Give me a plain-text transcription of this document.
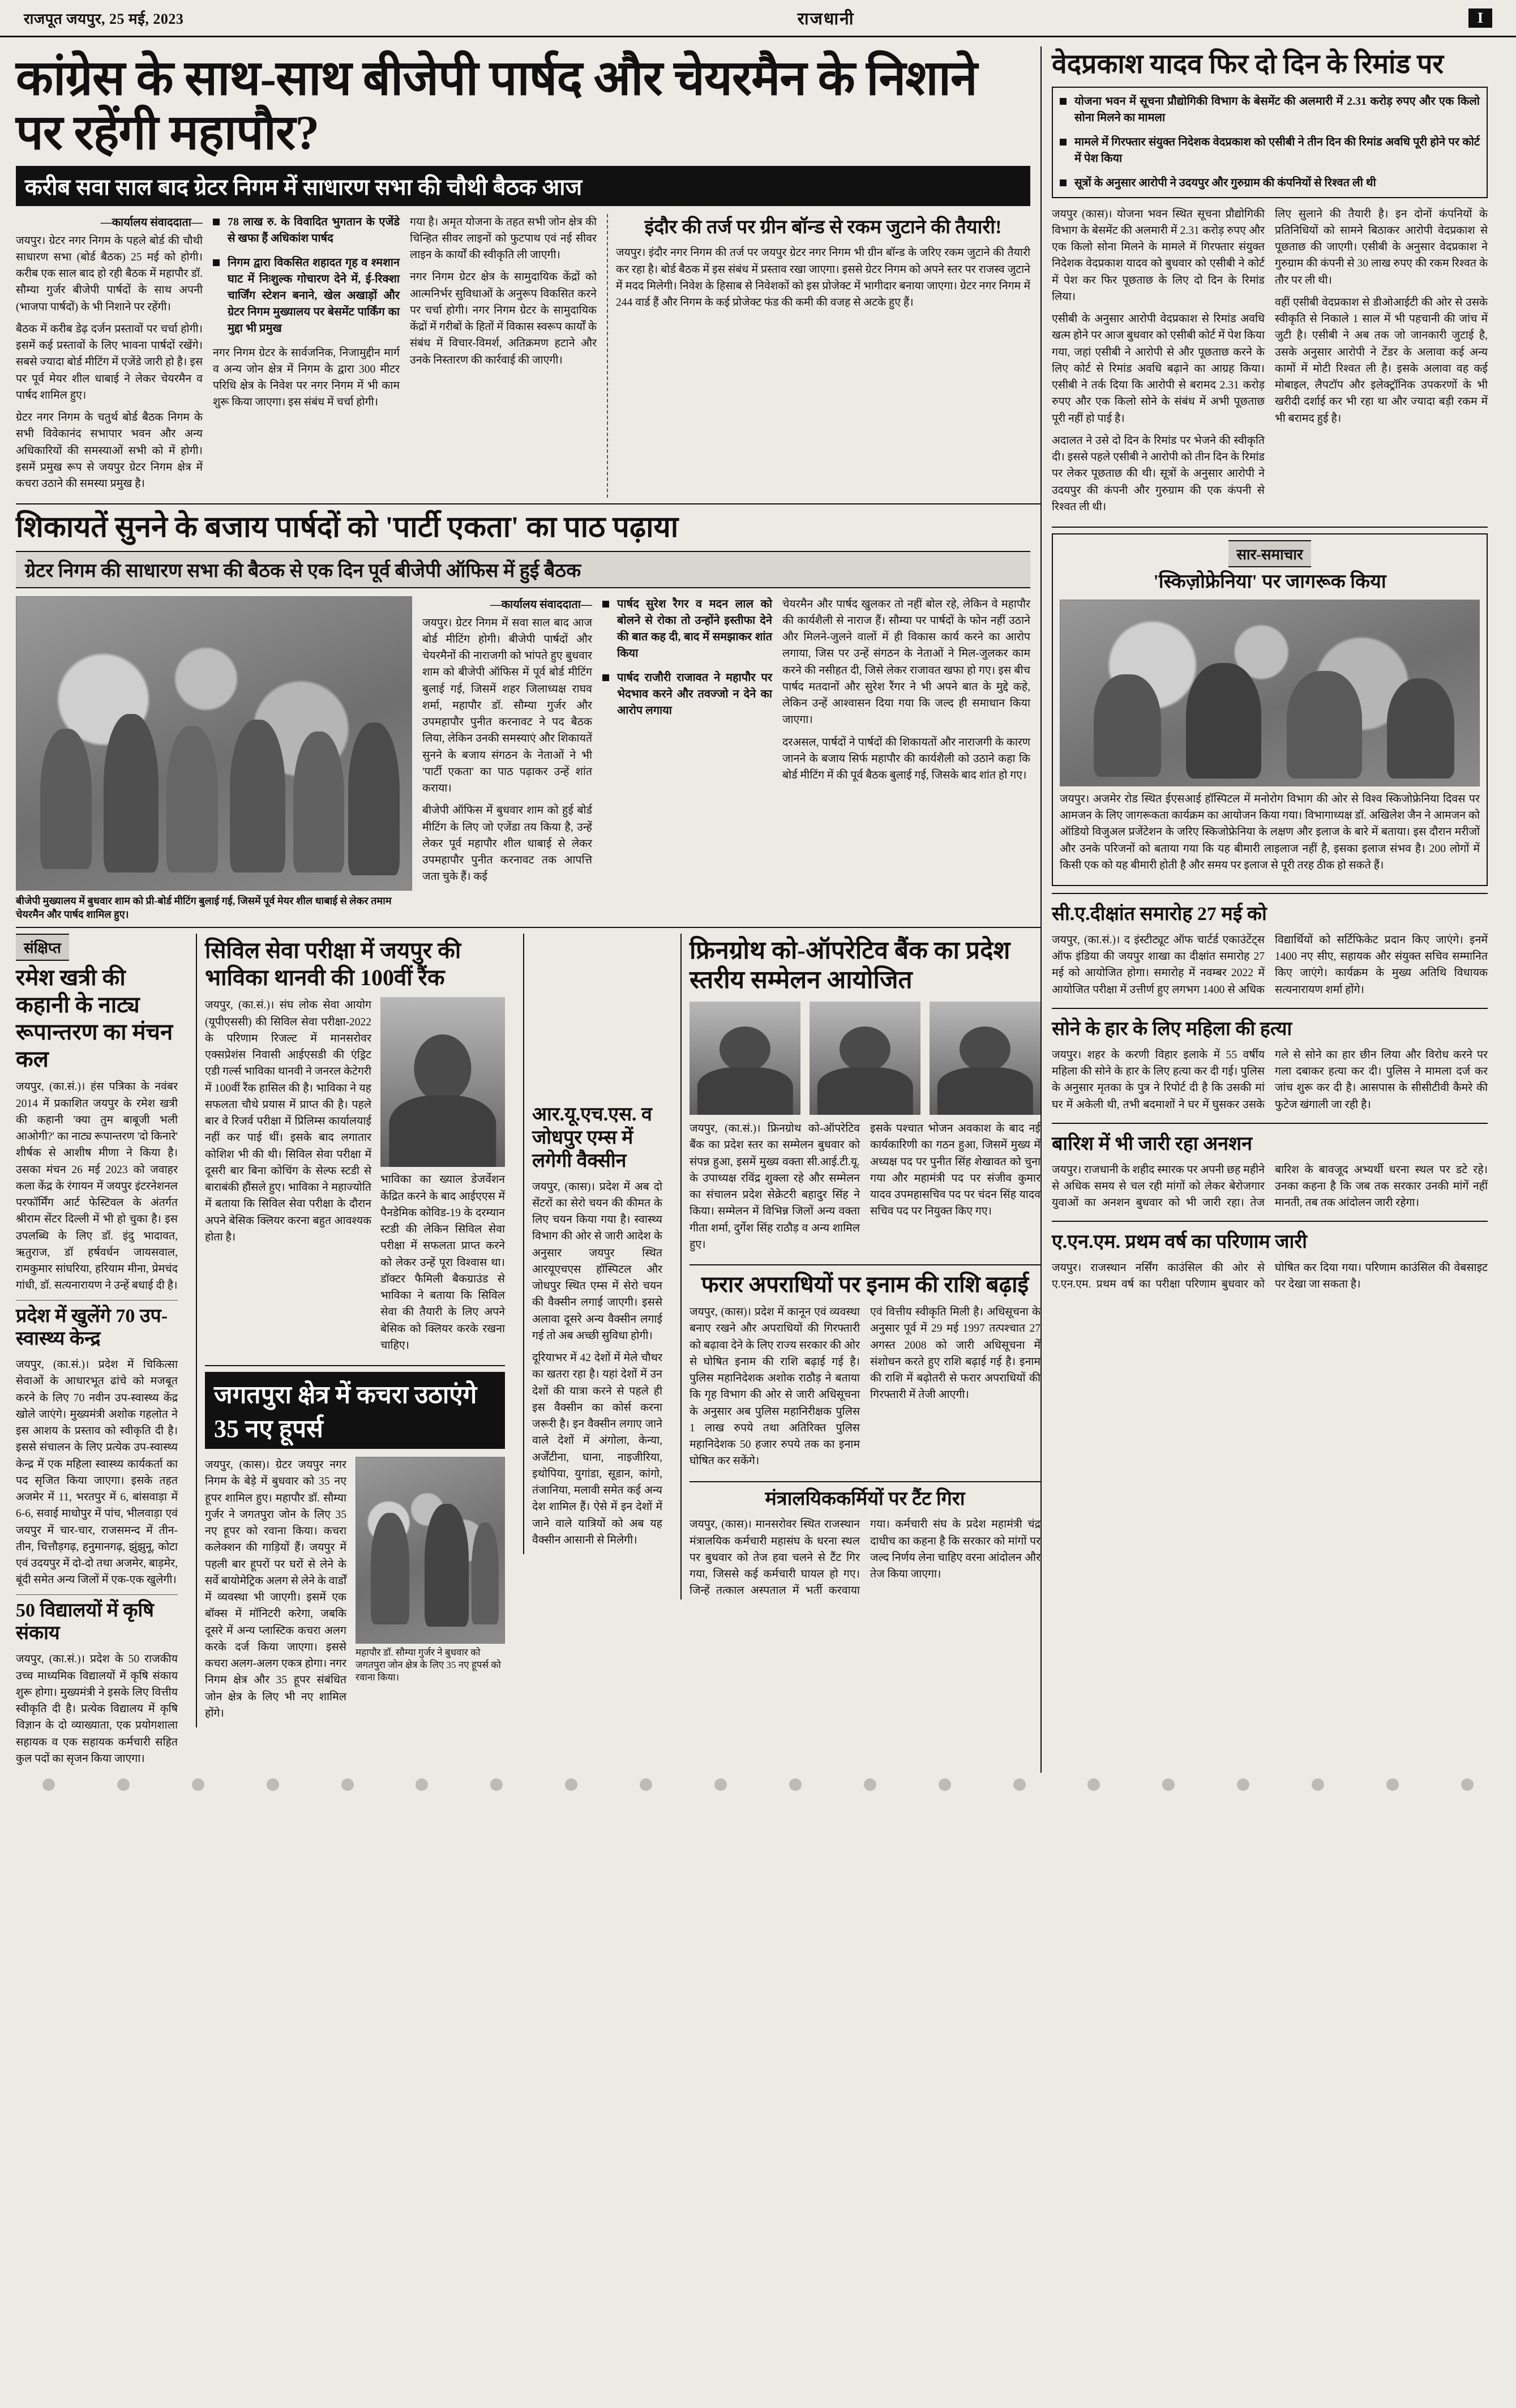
राजपूत जयपुर, 25 मई, 2023	राजधानी	I
कांग्रेस के साथ-साथ बीजेपी पार्षद और चेयरमैन के निशाने पर रहेंगी महापौर?
करीब सवा साल बाद ग्रेटर निगम में साधारण सभा की चौथी बैठक आज
—कार्यालय संवाददाता—

जयपुर। ग्रेटर नगर निगम के पहले बोर्ड की चौथी साधारण सभा (बोर्ड बैठक) 25 मई को होगी। करीब एक साल बाद हो रही बैठक में महापौर डॉ. सौम्या गुर्जर बीजेपी पार्षदों के साथ अपनी (भाजपा पार्षदों) के भी निशाने पर रहेंगी।

बैठक में करीब डेढ़ दर्जन प्रस्तावों पर चर्चा होगी। इसमें कई प्रस्तावों के लिए भावना पार्षदों रखेंगे। सबसे ज्यादा बोर्ड मीटिंग में एजेंडे जारी हो है। इस पर पूर्व मेयर शील धाबाई ने लेकर चेयरमैन व पार्षद शामिल हुए।

ग्रेटर नगर निगम के चतुर्थ बोर्ड बैठक निगम के सभी विवेकानंद सभापार भवन और अन्य अधिकारियों की समस्याओं सभी को में होगी। इसमें प्रमुख रूप से जयपुर ग्रेटर निगम क्षेत्र में कचरा उठाने की समस्या प्रमुख है।

78 लाख रु. के विवादित भुगतान के एजेंडे से खफा हैं अधिकांश पार्षद
निगम द्वारा विकसित शहादत गृह व श्मशान घाट में निःशुल्क गोचारण देने में, ई-रिक्शा चार्जिंग स्टेशन बनाने, खेल अखाड़ों और ग्रेटर निगम मुख्यालय पर बेसमेंट पार्किंग का मुद्दा भी प्रमुख

नगर निगम ग्रेटर के सार्वजनिक, निजामुद्दीन मार्ग व अन्य जोन क्षेत्र में निगम के द्वारा 300 मीटर परिधि क्षेत्र के निवेश पर नगर निगम में भी काम शुरू किया जाएगा। इस संबंध में चर्चा होगी।

गया है। अमृत योजना के तहत सभी जोन क्षेत्र की चिन्हित सीवर लाइनों को फुटपाथ एवं नई सीवर लाइन के कार्यों की स्वीकृति ली जाएगी।

नगर निगम ग्रेटर क्षेत्र के सामुदायिक केंद्रों को आत्मनिर्भर सुविधाओं के अनुरूप विकसित करने पर चर्चा होगी। नगर निगम ग्रेटर के सामुदायिक केंद्रों में गरीबों के हितों में विकास स्वरूप कार्यों के संबंध में विचार-विमर्श, अतिक्रमण हटाने और उनके निस्तारण की कार्रवाई की जाएगी।

इंदौर की तर्ज पर ग्रीन बॉन्ड से रकम जुटाने की तैयारी!

जयपुर। इंदौर नगर निगम की तर्ज पर जयपुर ग्रेटर नगर निगम भी ग्रीन बॉन्ड के जरिए रकम जुटाने की तैयारी कर रहा है। बोर्ड बैठक में इस संबंध में प्रस्ताव रखा जाएगा। इससे ग्रेटर निगम को अपने स्तर पर राजस्व जुटाने में मदद मिलेगी। निवेश के हिसाब से निवेशकों को इस प्रोजेक्ट में भागीदार बनाया जाएगा। ग्रेटर नगर निगम में 244 वार्ड हैं और निगम के कई प्रोजेक्ट फंड की कमी की वजह से अटके हुए हैं।

शिकायतें सुनने के बजाय पार्षदों को 'पार्टी एकता' का पाठ पढ़ाया
ग्रेटर निगम की साधारण सभा की बैठक से एक दिन पूर्व बीजेपी ऑफिस में हुई बैठक
बीजेपी मुख्यालय में बुधवार शाम को प्री-बोर्ड मीटिंग बुलाई गई, जिसमें पूर्व मेयर शील धाबाई से लेकर तमाम चेयरमैन और पार्षद शामिल हुए।
—कार्यालय संवाददाता—

जयपुर। ग्रेटर निगम में सवा साल बाद आज बोर्ड मीटिंग होगी। बीजेपी पार्षदों और चेयरमैनों की नाराजगी को भांपते हुए बुधवार शाम को बीजेपी ऑफिस में पूर्व बोर्ड मीटिंग बुलाई गई, जिसमें शहर जिलाध्यक्ष राघव शर्मा, महापौर डॉ. सौम्या गुर्जर और उपमहापौर पुनीत करनावट ने पद बैठक लिया, लेकिन उनकी समस्याएं और शिकायतें सुनने के बजाय संगठन के नेताओं ने भी 'पार्टी एकता' का पाठ पढ़ाकर उन्हें शांत कराया।

बीजेपी ऑफिस में बुधवार शाम को हुई बोर्ड मीटिंग के लिए जो एजेंडा तय किया है, उन्हें लेकर पूर्व महापौर शील धाबाई से लेकर उपमहापौर पुनीत करनावट तक आपत्ति जता चुके हैं। कई

पार्षद सुरेश रैगर व मदन लाल को बोलने से रोका तो उन्होंने इस्तीफा देने की बात कह दी, बाद में समझाकर शांत किया
पार्षद राजौरी राजावत ने महापौर पर भेदभाव करने और तवज्जो न देने का आरोप लगाया

चेयरमैन और पार्षद खुलकर तो नहीं बोल रहे, लेकिन वे महापौर की कार्यशैली से नाराज हैं। सौम्या पर पार्षदों के फोन नहीं उठाने और मिलने-जुलने वालों में ही विकास कार्य करने का आरोप लगाया, जिस पर उन्हें संगठन के नेताओं ने मिल-जुलकर काम करने की नसीहत दी, जिसे लेकर राजावत खफा हो गए। इस बीच पार्षद मतदानों और सुरेश रैंगर ने भी अपने बात के मुद्दे कहे, लेकिन उन्हें आश्वासन दिया गया कि जल्द ही समाधान किया जाएगा।

दरअसल, पार्षदों ने पार्षदों की शिकायतों और नाराजगी के कारण जानने के बजाय सिर्फ महापौर की कार्यशैली को उठाने कहा कि बोर्ड मीटिंग में की पूर्व बैठक बुलाई गई, जिसके बाद शांत हो गए।

संक्षिप्त
रमेश खत्री की कहानी के नाट्य रूपान्तरण का मंचन कल

जयपुर, (का.सं.)। हंस पत्रिका के नवंबर 2014 में प्रकाशित जयपुर के रमेश खत्री की कहानी 'क्या तुम बाबूजी भली आओगी?' का नाट्य रूपान्तरण 'दो किनारे' शीर्षक से आशीष मीणा ने किया है। उसका मंचन 26 मई 2023 को जवाहर कला केंद्र के रंगायन में जयपुर इंटरनेशनल परफॉर्मिंग आर्ट फेस्टिवल के अंतर्गत श्रीराम सेंटर दिल्ली में भी हो चुका है। इस उपलब्धि के लिए डॉ. इंदु भादावत, ऋतुराज, डॉ हर्षवर्धन जायसवाल, रामकुमार सांघरिया, हरियाम मीना, प्रेमचंद गांधी, डॉ. सत्यनारायण ने उन्हें बधाई दी है।

प्रदेश में खुलेंगे 70 उप-स्वास्थ्य केन्द्र

जयपुर, (का.सं.)। प्रदेश में चिकित्सा सेवाओं के आधारभूत ढांचे को मजबूत करने के लिए 70 नवीन उप-स्वास्थ्य केंद्र खोले जाएंगे। मुख्यमंत्री अशोक गहलोत ने इस आशय के प्रस्ताव को स्वीकृति दी है। इससे संचालन के लिए प्रत्येक उप-स्वास्थ्य केन्द्र में एक महिला स्वास्थ्य कार्यकर्ता का पद सृजित किया जाएगा। इसके तहत अजमेर में 11, भरतपुर में 6, बांसवाड़ा में 6-6, सवाई माधोपुर में पांच, भीलवाड़ा एवं जयपुर में चार-चार, राजसमन्द में तीन-तीन, चित्तौड़गढ़, हनुमानगढ़, झुंझुनू, कोटा एवं उदयपुर में दो-दो तथा अजमेर, बाड़मेर, बूंदी समेत अन्य जिलों में एक-एक खुलेगी।

50 विद्यालयों में कृषि संकाय

जयपुर, (का.सं.)। प्रदेश के 50 राजकीय उच्च माध्यमिक विद्यालयों में कृषि संकाय शुरू होगा। मुख्यमंत्री ने इसके लिए वित्तीय स्वीकृति दी है। प्रत्येक विद्यालय में कृषि विज्ञान के दो व्याख्याता, एक प्रयोगशाला सहायक व एक सहायक कर्मचारी सहित कुल पदों का सृजन किया जाएगा।

सिविल सेवा परीक्षा में जयपुर की भाविका थानवी की 100वीं रैंक

जयपुर, (का.सं.)। संघ लोक सेवा आयोग (यूपीएससी) की सिविल सेवा परीक्षा-2022 के परिणाम रिजल्ट में मानसरोवर एक्सप्रेशंस निवासी आईएसडी की एंड्रिट एडी गर्ल्स भाविका थानवी ने जनरल केटेगरी में 100वीं रैंक हासिल की है। भाविका ने यह सफलता चौथे प्रयास में प्राप्त की है। पहले बार वे रिजर्व परीक्षा में प्रिलिम्स कार्यालयाई नहीं कर पाई थीं। इसके बाद लगातार कोशिश भी की थी। सिविल सेवा परीक्षा में दूसरी बार बिना कोचिंग के सेल्फ स्टडी से बाराबंकी हौंसले हुए। भाविका ने महाज्योति में बताया कि सिविल सेवा परीक्षा के दौरान अपने बेसिक क्लियर करना बहुत आवश्यक होता है।

भाविका का ख्याल डेजर्वेशन केंद्रित करने के बाद आईएएस में पैनडेमिक कोविड-19 के दरम्यान स्टडी की लेकिन सिविल सेवा परीक्षा में सफलता प्राप्त करने को लेकर उन्हें पूरा विश्वास था। डॉक्टर फैमिली बैकग्राउंड से भाविका ने बताया कि सिविल सेवा की तैयारी के लिए अपने बेसिक को क्लियर करके रखना चाहिए।

जगतपुरा क्षेत्र में कचरा उठाएंगे 35 नए हूपर्स

जयपुर, (कास)। ग्रेटर जयपुर नगर निगम के बेड़े में बुधवार को 35 नए हूपर शामिल हुए। महापौर डॉ. सौम्या गुर्जर ने जगतपुरा जोन के लिए 35 नए हूपर को रवाना किया। कचरा कलेक्शन की गाड़ियों हैं। जयपुर में पहली बार हूपरों पर घरों से लेने के सर्वे बायोमेट्रिक अलग से लेने के वार्डों में व्यवस्था भी जाएगी। इसमें एक बॉक्स में मॉनिटरी करेगा, जबकि दूसरे में अन्य प्लास्टिक कचरा अलग करके दर्ज किया जाएगा। इससे कचरा अलग-अलग एकत्र होगा। नगर निगम क्षेत्र और 35 हूपर संबंधित जोन क्षेत्र के लिए भी नए शामिल होंगे।

महापौर डॉ. सौम्या गुर्जर ने बुधवार को जगतपुरा जोन क्षेत्र के लिए 35 नए हूपर्स को रवाना किया।
आर.यू.एच.एस. व जोधपुर एम्स में लगेगी वैक्सीन

जयपुर, (कास)। प्रदेश में अब दो सेंटरों का सेरो चयन की कीमत के लिए चयन किया गया है। स्वास्थ्य विभाग की ओर से जारी आदेश के अनुसार जयपुर स्थित आरयूएचएस हॉस्पिटल और जोधपुर स्थित एम्स में सेरो चयन की वैक्सीन लगाई जाएगी। इससे अलावा दूसरे अन्य वैक्सीन लगाई गई तो अब अच्छी सुविधा होगी।

दूरियाभर में 42 देशों में मेले चौथर का खतरा रहा है। यहां देशों में उन देशों की यात्रा करने से पहले ही इस वैक्सीन का कोर्स करना जरूरी है। इन वैक्सीन लगाए जाने वाले देशों में अंगोला, केन्या, अर्जेंटीना, घाना, नाइजीरिया, इथोपिया, युगांडा, सूडान, कांगो, तंजानिया, मलावी समेत कई अन्य देश शामिल हैं। ऐसे में इन देशों में जाने वाले यात्रियों को अब यह वैक्सीन आसानी से मिलेगी।

फ्रिनग्रोथ को-ऑपरेटिव बैंक का प्रदेश स्तरीय सम्मेलन आयोजित

जयपुर, (का.सं.)। फ्रिनग्रोथ को-ऑपरेटिव बैंक का प्रदेश स्तर का सम्मेलन बुधवार को संपन्न हुआ, इसमें मुख्य वक्ता सी.आई.टी.यू. के उपाध्यक्ष रविंद्र शुक्ला रहे और सम्मेलन का संचालन प्रदेश सेक्रेटरी बहादुर सिंह ने किया। सम्मेलन में विभिन्न जिलों अन्य वक्ता गीता शर्मा, दुर्गेश सिंह राठौड़ व अन्य शामिल हुए।

इसके पश्चात भोजन अवकाश के बाद नई कार्यकारिणी का गठन हुआ, जिसमें मुख्य में अध्यक्ष पद पर पुनीत सिंह शेखावत को चुना गया और महामंत्री पद पर संजीव कुमार यादव उपमहासचिव पद पर चंदन सिंह यादव सचिव पद पर नियुक्त किए गए।

फरार अपराधियों पर इनाम की राशि बढ़ाई

जयपुर, (कास)। प्रदेश में कानून एवं व्यवस्था बनाए रखने और अपराधियों की गिरफ्तारी को बढ़ावा देने के लिए राज्य सरकार की ओर से घोषित इनाम की राशि बढ़ाई गई है। पुलिस महानिदेशक अशोक राठौड़ ने बताया कि गृह विभाग की ओर से जारी अधिसूचना के अनुसार अब पुलिस महानिरीक्षक पुलिस 1 लाख रुपये तथा अतिरिक्त पुलिस महानिदेशक 50 हजार रुपये तक का इनाम घोषित कर सकेंगे।

एवं वित्तीय स्वीकृति मिली है। अधिसूचना के अनुसार पूर्व में 29 मई 1997 तत्पश्चात 27 अगस्त 2008 को जारी अधिसूचना में संशोधन करते हुए राशि बढ़ाई गई है। इनाम की राशि में बढ़ोतरी से फरार अपराधियों की गिरफ्तारी में तेजी आएगी।

मंत्रालयिककर्मियों पर टैंट गिरा

जयपुर, (कास)। मानसरोवर स्थित राजस्थान मंत्रालयिक कर्मचारी महासंघ के धरना स्थल पर बुधवार को तेज हवा चलने से टैंट गिर गया, जिससे कई कर्मचारी घायल हो गए। जिन्हें तत्काल अस्पताल में भर्ती करवाया गया। कर्मचारी संघ के प्रदेश महामंत्री चंद्र दाधीच का कहना है कि सरकार को मांगों पर जल्द निर्णय लेना चाहिए वरना आंदोलन और तेज किया जाएगा।

वेदप्रकाश यादव फिर दो दिन के रिमांड पर
योजना भवन में सूचना प्रौद्योगिकी विभाग के बेसमेंट की अलमारी में 2.31 करोड़ रुपए और एक किलो सोना मिलने का मामला
मामले में गिरफ्तार संयुक्त निदेशक वेदप्रकाश को एसीबी ने तीन दिन की रिमांड अवधि पूरी होने पर कोर्ट में पेश किया
सूत्रों के अनुसार आरोपी ने उदयपुर और गुरुग्राम की कंपनियों से रिश्वत ली थी

जयपुर (कास)। योजना भवन स्थित सूचना प्रौद्योगिकी विभाग के बेसमेंट की अलमारी में 2.31 करोड़ रुपए और एक किलो सोना मिलने के मामले में गिरफ्तार संयुक्त निदेशक वेदप्रकाश यादव को बुधवार को एसीबी ने कोर्ट में पेश कर फिर पूछताछ के लिए दो दिन के रिमांड लिया।

एसीबी के अनुसार आरोपी वेदप्रकाश से रिमांड अवधि खत्म होने पर आज बुधवार को एसीबी कोर्ट में पेश किया गया, जहां एसीबी ने आरोपी से और पूछताछ करने के लिए कोर्ट से रिमांड अवधि बढ़ाने का आग्रह किया। एसीबी ने तर्क दिया कि आरोपी से बरामद 2.31 करोड़ रुपए और एक किलो सोने के संबंध में अभी पूछताछ पूरी नहीं हो पाई है।

अदालत ने उसे दो दिन के रिमांड पर भेजने की स्वीकृति दी। इससे पहले एसीबी ने आरोपी को तीन दिन के रिमांड पर लेकर पूछताछ की थी। सूत्रों के अनुसार आरोपी ने उदयपुर की कंपनी और गुरुग्राम की एक कंपनी से रिश्वत ली थी।

लिए सुलाने की तैयारी है। इन दोनों कंपनियों के प्रतिनिधियों को सामने बिठाकर आरोपी वेदप्रकाश से पूछताछ की जाएगी। एसीबी के अनुसार वेदप्रकाश ने गुरुग्राम की कंपनी से 30 लाख रुपए की रकम रिश्वत के तौर पर ली थी।

वहीं एसीबी वेदप्रकाश से डीओआईटी की ओर से उसके स्वीकृति से निकाले 1 साल में भी पहचानी की जांच में जुटी है। एसीबी ने अब तक जो जानकारी जुटाई है, उसके अनुसार आरोपी ने टेंडर के अलावा कई अन्य कामों में मोटी रिश्वत ली है। इसके अलावा वह कई मोबाइल, लैपटॉप और इलेक्ट्रॉनिक उपकरणों के भी खरीदी दर्शाई कर भी रहा था और ज्यादा बड़ी रकम में भी बरामद हुई है।

सार-समाचार
'स्किज़ोफ्रेनिया' पर जागरूक किया

जयपुर। अजमेर रोड स्थित ईएसआई हॉस्पिटल में मनोरोग विभाग की ओर से विश्व स्किजोफ्रेनिया दिवस पर आमजन के लिए जागरूकता कार्यक्रम का आयोजन किया गया। विभागाध्यक्ष डॉ. अखिलेश जैन ने आमजन को ऑडियो विजुअल प्रजेंटेशन के जरिए स्किजोफ्रेनिया के लक्षण और इलाज के बारे में बताया। इस दौरान मरीजों और उनके परिजनों को बताया गया कि यह बीमारी लाइलाज नहीं है, इसका इलाज संभव है। 200 लोगों में किसी एक को यह बीमारी होती है और समय पर इलाज से पूरी तरह ठीक हो सकते हैं।

सी.ए.दीक्षांत समारोह 27 मई को

जयपुर, (का.सं.)। द इंस्टीट्यूट ऑफ चार्टर्ड एकाउंटेंट्स ऑफ इंडिया की जयपुर शाखा का दीक्षांत समारोह 27 मई को आयोजित होगा। समारोह में नवम्बर 2022 में आयोजित परीक्षा में उत्तीर्ण हुए लगभग 1400 से अधिक विद्यार्थियों को सर्टिफिकेट प्रदान किए जाएंगे। इनमें 1400 नए सीए, सहायक और संयुक्त सचिव सम्मानित किए जाएंगे। कार्यक्रम के मुख्य अतिथि विधायक सत्यनारायण शर्मा होंगे।

सोने के हार के लिए महिला की हत्या

जयपुर। शहर के करणी विहार इलाके में 55 वर्षीय महिला की सोने के हार के लिए हत्या कर दी गई। पुलिस के अनुसार मृतका के पुत्र ने रिपोर्ट दी है कि उसकी मां घर में अकेली थी, तभी बदमाशों ने घर में घुसकर उसके गले से सोने का हार छीन लिया और विरोध करने पर गला दबाकर हत्या कर दी। पुलिस ने मामला दर्ज कर जांच शुरू कर दी है। आसपास के सीसीटीवी कैमरे की फुटेज खंगाली जा रही है।

बारिश में भी जारी रहा अनशन

जयपुर। राजधानी के शहीद स्मारक पर अपनी छह महीने से अधिक समय से चल रही मांगों को लेकर बेरोजगार युवाओं का अनशन बुधवार को भी जारी रहा। तेज बारिश के बावजूद अभ्यर्थी धरना स्थल पर डटे रहे। उनका कहना है कि जब तक सरकार उनकी मांगें नहीं मानती, तब तक आंदोलन जारी रहेगा।

ए.एन.एम. प्रथम वर्ष का परिणाम जारी

जयपुर। राजस्थान नर्सिंग काउंसिल की ओर से ए.एन.एम. प्रथम वर्ष का परीक्षा परिणाम बुधवार को घोषित कर दिया गया। परिणाम काउंसिल की वेबसाइट पर देखा जा सकता है।
